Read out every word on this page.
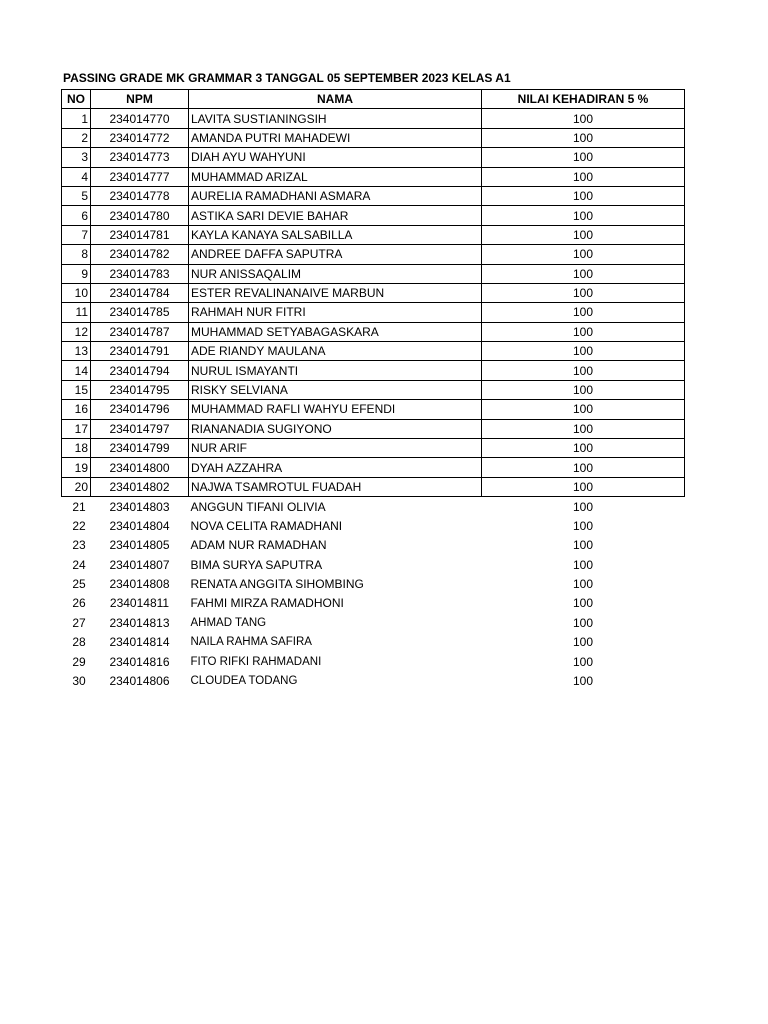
PASSING GRADE MK GRAMMAR 3 TANGGAL 05 SEPTEMBER 2023 KELAS A1
NO	NPM	NAMA	NILAI KEHADIRAN 5 %
1	234014770	LAVITA SUSTIANINGSIH	100
2	234014772	AMANDA PUTRI MAHADEWI	100
3	234014773	DIAH AYU WAHYUNI	100
4	234014777	MUHAMMAD ARIZAL	100
5	234014778	AURELIA RAMADHANI ASMARA	100
6	234014780	ASTIKA SARI DEVIE BAHAR	100
7	234014781	KAYLA KANAYA SALSABILLA	100
8	234014782	ANDREE DAFFA SAPUTRA	100
9	234014783	NUR ANISSAQALIM	100
10	234014784	ESTER REVALINANAIVE MARBUN	100
11	234014785	RAHMAH NUR FITRI	100
12	234014787	MUHAMMAD SETYABAGASKARA	100
13	234014791	ADE RIANDY MAULANA	100
14	234014794	NURUL ISMAYANTI	100
15	234014795	RISKY SELVIANA	100
16	234014796	MUHAMMAD RAFLI WAHYU EFENDI	100
17	234014797	RIANANADIA SUGIYONO	100
18	234014799	NUR ARIF	100
19	234014800	DYAH AZZAHRA	100
20	234014802	NAJWA TSAMROTUL FUADAH	100
21	234014803	ANGGUN TIFANI OLIVIA	100
22	234014804	NOVA CELITA RAMADHANI	100
23	234014805	ADAM NUR RAMADHAN	100
24	234014807	BIMA SURYA SAPUTRA	100
25	234014808	RENATA ANGGITA SIHOMBING	100
26	234014811	FAHMI MIRZA RAMADHONI	100
27	234014813	AHMAD TANG	100
28	234014814	NAILA RAHMA SAFIRA	100
29	234014816	FITO RIFKI RAHMADANI	100
30	234014806	CLOUDEA TODANG	100
